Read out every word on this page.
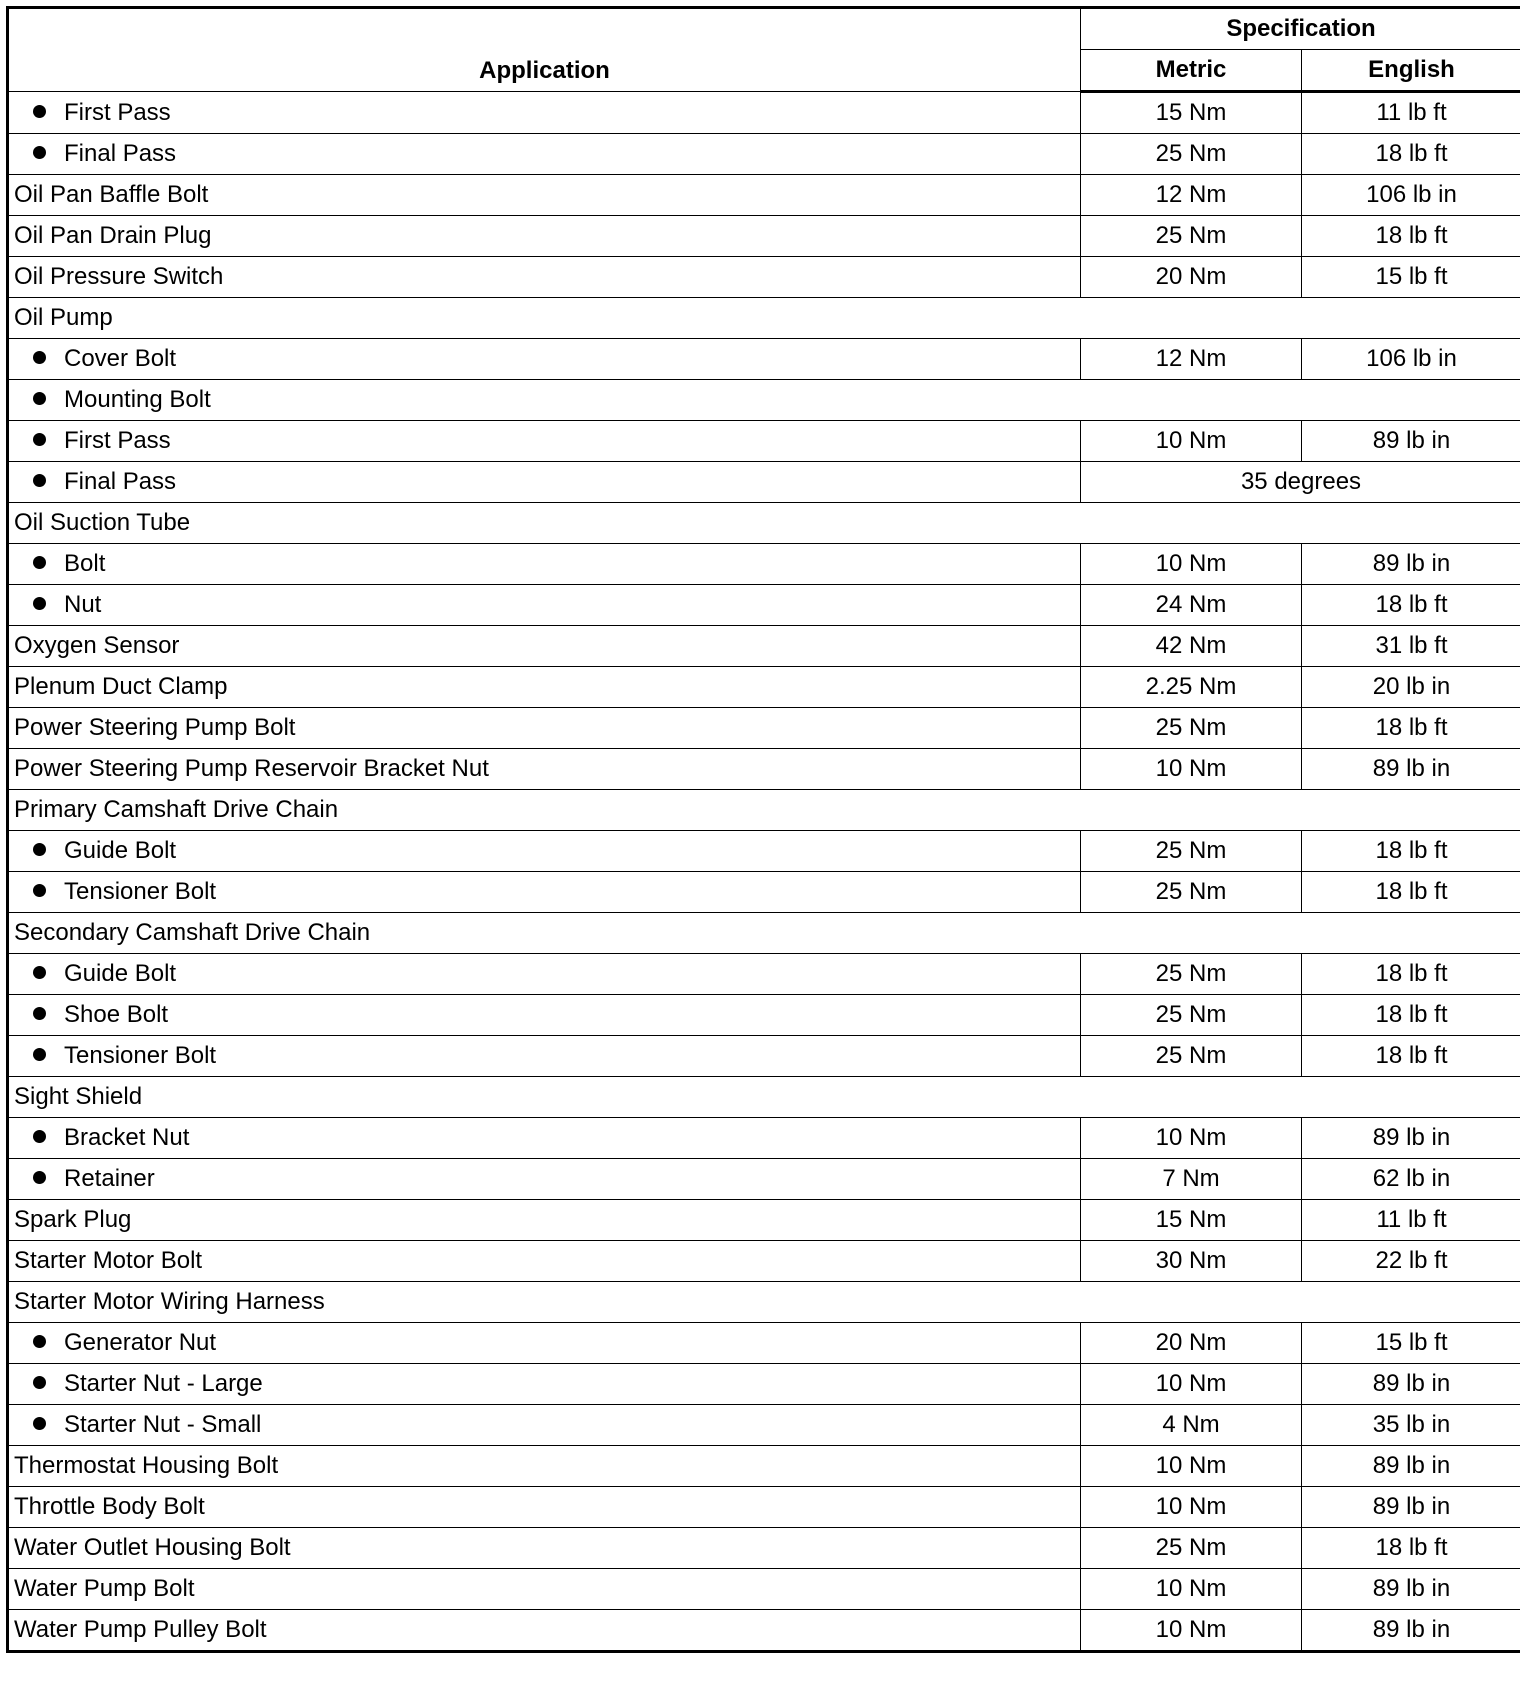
Application	Specification	
	Metric	English
First Pass	15 Nm	11 lb ft
Final Pass	25 Nm	18 lb ft
Oil Pan Baffle Bolt	12 Nm	106 lb in
Oil Pan Drain Plug	25 Nm	18 lb ft
Oil Pressure Switch	20 Nm	15 lb ft
Oil Pump		
Cover Bolt	12 Nm	106 lb in
Mounting Bolt		
First Pass	10 Nm	89 lb in
Final Pass	35 degrees	
Oil Suction Tube		
Bolt	10 Nm	89 lb in
Nut	24 Nm	18 lb ft
Oxygen Sensor	42 Nm	31 lb ft
Plenum Duct Clamp	2.25 Nm	20 lb in
Power Steering Pump Bolt	25 Nm	18 lb ft
Power Steering Pump Reservoir Bracket Nut	10 Nm	89 lb in
Primary Camshaft Drive Chain		
Guide Bolt	25 Nm	18 lb ft
Tensioner Bolt	25 Nm	18 lb ft
Secondary Camshaft Drive Chain		
Guide Bolt	25 Nm	18 lb ft
Shoe Bolt	25 Nm	18 lb ft
Tensioner Bolt	25 Nm	18 lb ft
Sight Shield		
Bracket Nut	10 Nm	89 lb in
Retainer	7 Nm	62 lb in
Spark Plug	15 Nm	11 lb ft
Starter Motor Bolt	30 Nm	22 lb ft
Starter Motor Wiring Harness		
Generator Nut	20 Nm	15 lb ft
Starter Nut - Large	10 Nm	89 lb in
Starter Nut - Small	4 Nm	35 lb in
Thermostat Housing Bolt	10 Nm	89 lb in
Throttle Body Bolt	10 Nm	89 lb in
Water Outlet Housing Bolt	25 Nm	18 lb ft
Water Pump Bolt	10 Nm	89 lb in
Water Pump Pulley Bolt	10 Nm	89 lb in
